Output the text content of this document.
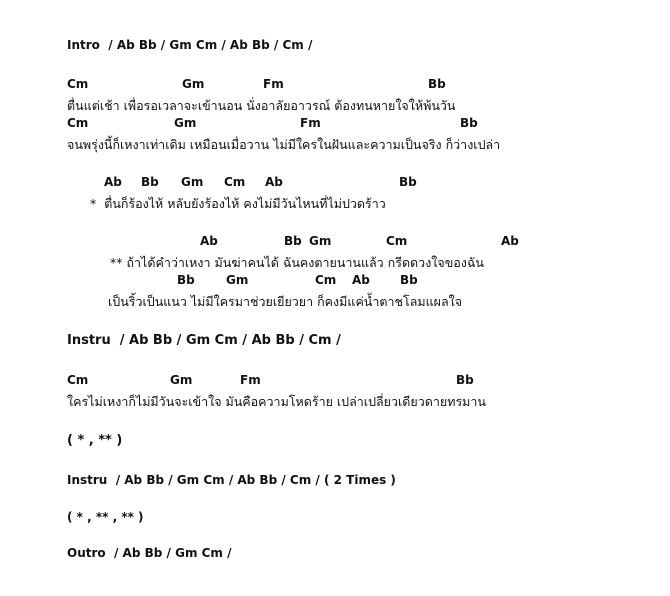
Intro  / Ab Bb / Gm Cm / Ab Bb / Cm /
Cm	Gm	Fm	Bb
ตื่นแต่เช้า เพื่อรอเวลาจะเข้านอน นั่งอาลัยอาวรณ์ ต้องทนหายใจให้พ้นวัน
Cm	Gm	Fm	Bb
จนพรุ่งนี้ก็เหงาเท่าเดิม เหมือนเมื่อวาน ไม่มีใครในฝันและความเป็นจริง ก็ว่างเปล่า
Ab Bb Gm Cm Ab	Bb
*  ตื่นก็ร้องไห้ หลับยังร้องไห้ คงไม่มีวันไหนที่ไม่ปวดร้าว
Ab	Bb Gm	Cm	Ab
** ถ้าได้คำว่าเหงา มันฆ่าคนได้ ฉันคงตายนานแล้ว กรีดดวงใจของฉัน
Bb	Gm	Cm Ab	Bb
เป็นริ้วเป็นแนว ไม่มีใครมาช่วยเยียวยา ก็คงมีแค่น้ำตาชโลมแผลใจ
Instru  / Ab Bb / Gm Cm / Ab Bb / Cm /
Cm	Gm	Fm	Bb
ใครไม่เหงาก็ไม่มีวันจะเข้าใจ มันคือความโหดร้าย เปล่าเปลี่ยวเดียวดายทรมาน
( * , ** )
Instru  / Ab Bb / Gm Cm / Ab Bb / Cm / ( 2 Times )
( * , ** , ** )
Outro  / Ab Bb / Gm Cm /
